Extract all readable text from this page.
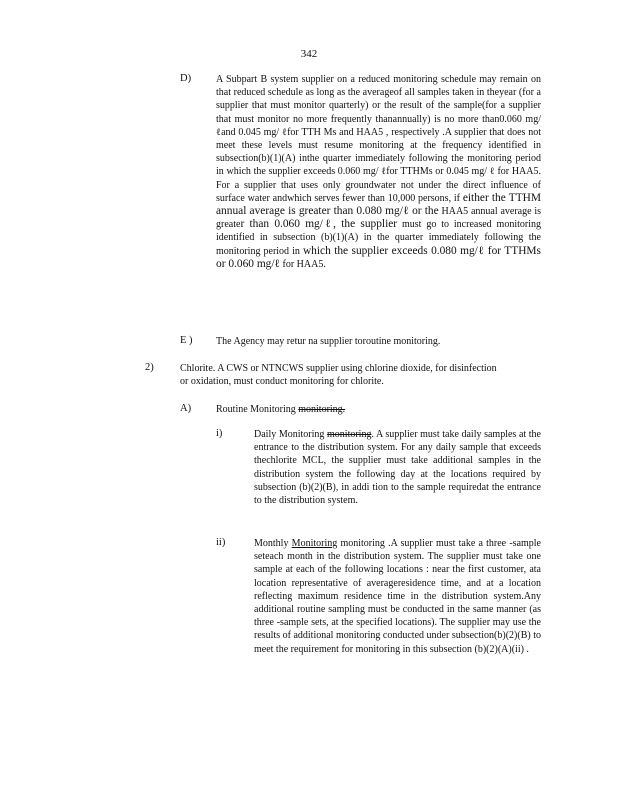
342
D) A Subpart B system supplier on a reduced monitoring schedule may remain on that reduced schedule as long as the averageof all samples taken in theyear (for a supplier that must monitor quarterly) or the result of the sample(for a supplier that must monitor no more frequently thanannually) is no more than0.060 mg/ ℓand 0.045 mg/ ℓfor TTH Ms and HAA5 , respectively .A supplier that does not meet these levels must resume monitoring at the frequency identified in subsection(b)(1)(A) inthe quarter immediately following the monitoring period in which the supplier exceeds 0.060 mg/ ℓfor TTHMs or 0.045 mg/ ℓ for HAA5. For a supplier that uses only groundwater not under the direct influence of surface water andwhich serves fewer than 10,000 persons, if either the TTHM annual average is greater than 0.080 mg/ℓ or the HAA5 annual average is greater than 0.060 mg/ℓ, the supplier must go to increased monitoring identified in subsection (b)(1)(A) in the quarter immediately following the monitoring period in which the supplier exceeds 0.080 mg/ℓ for TTHMs or 0.060 mg/ℓ for HAA5.
E ) The Agency may retur na supplier toroutine monitoring.
2)	Chlorite. A CWS or NTNCWS supplier using chlorine dioxide, for disinfection or oxidation, must conduct monitoring for chlorite.
A) Routine Monitoring monitoring.
i)	Daily Monitoring monitoring. A supplier must take daily samples at the entrance to the distribution system. For any daily sample that exceeds thechlorite MCL, the supplier must take additional samples in the distribution system the following day at the locations required by subsection (b)(2)(B), in addi tion to the sample requiredat the entrance to the distribution system.
ii)	Monthly Monitoring monitoring .A supplier must take a three -sample seteach month in the distribution system. The supplier must take one sample at each of the following locations : near the first customer, ata location representative of averageresidence time, and at a location reflecting maximum residence time in the distribution system.Any additional routine sampling must be conducted in the same manner (as three -sample sets, at the specified locations). The supplier may use the results of additional monitoring conducted under subsection(b)(2)(B) to meet the requirement for monitoring in this subsection (b)(2)(A)(ii) .
